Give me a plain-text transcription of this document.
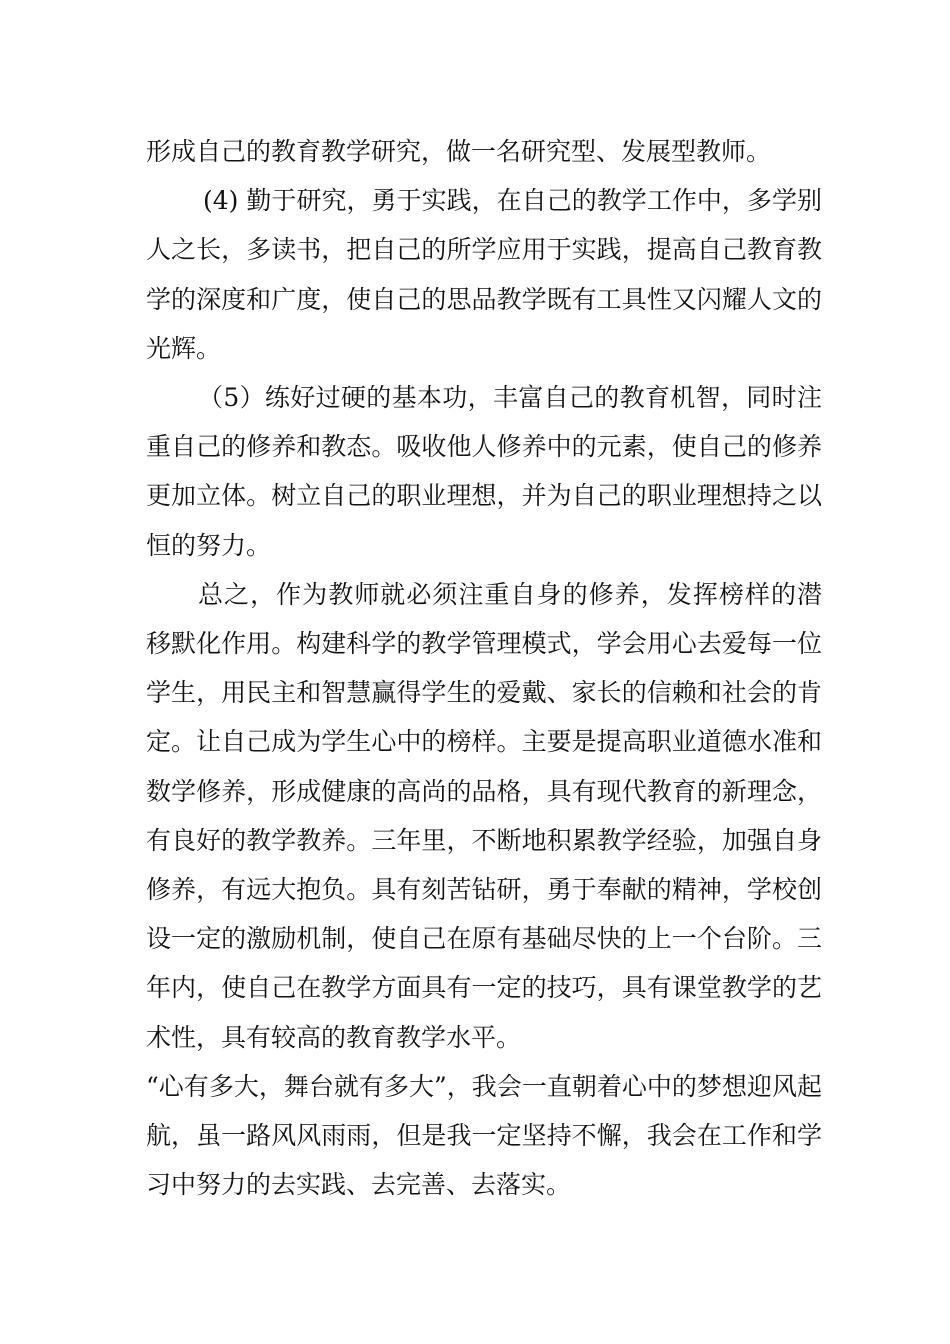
形成自己的教育教学研究，做一名研究型、发展型教师。

(4) 勤于研究，勇于实践，在自己的教学工作中，多学别人之长，多读书，把自己的所学应用于实践，提高自己教育教学的深度和广度，使自己的思品教学既有工具性又闪耀人文的光辉。

（5）练好过硬的基本功，丰富自己的教育机智，同时注重自己的修养和教态。吸收他人修养中的元素，使自己的修养更加立体。树立自己的职业理想，并为自己的职业理想持之以恒的努力。

总之，作为教师就必须注重自身的修养，发挥榜样的潜移默化作用。构建科学的教学管理模式，学会用心去爱每一位学生，用民主和智慧赢得学生的爱戴、家长的信赖和社会的肯定。让自己成为学生心中的榜样。主要是提高职业道德水准和数学修养，形成健康的高尚的品格，具有现代教育的新理念，有良好的教学教养。三年里，不断地积累教学经验，加强自身修养，有远大抱负。具有刻苦钻研，勇于奉献的精神，学校创设一定的激励机制，使自己在原有基础尽快的上一个台阶。三年内，使自己在教学方面具有一定的技巧，具有课堂教学的艺术性，具有较高的教育教学水平。

“心有多大，舞台就有多大”，我会一直朝着心中的梦想迎风起航，虽一路风风雨雨，但是我一定坚持不懈，我会在工作和学习中努力的去实践、去完善、去落实。
